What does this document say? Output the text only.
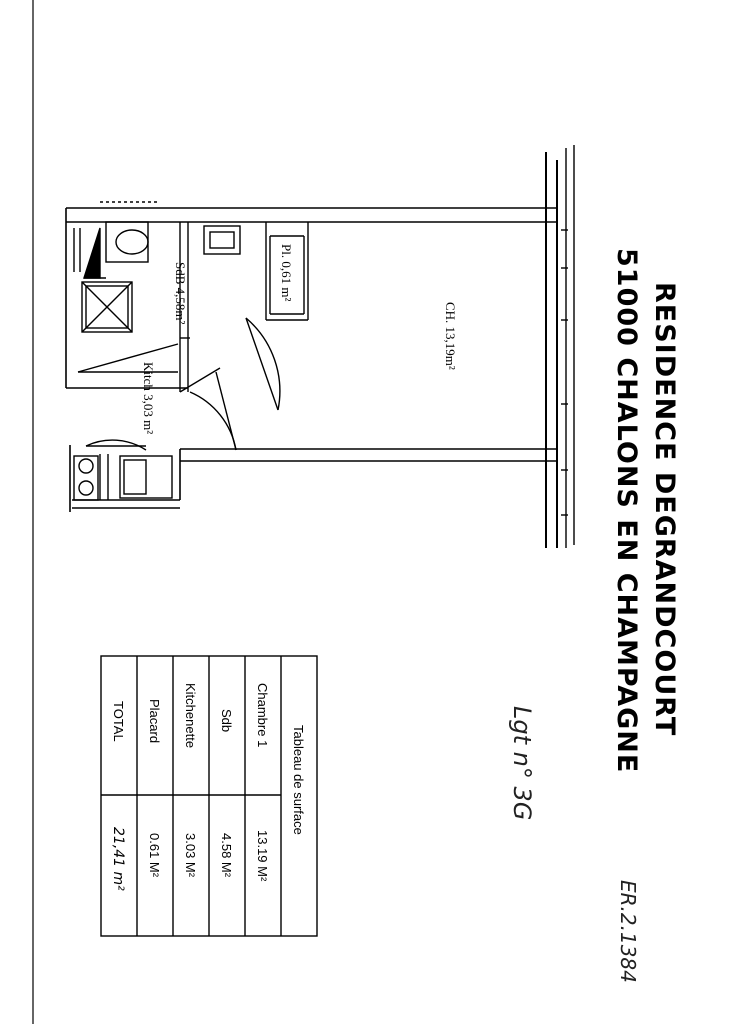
RESIDENCE DEGRANDCOURT
51000 CHALONS EN CHAMPAGNE
Lgt n° 3G
ER.2.1384
CH. 13,19m²
SdB 4,58m²	Pl. 0,61 m²
Kitch 3,03 m²
Tableau de surface
Chambre 1
13.19 M²
Sdb
4.58 M²
Kitchenette
3.03 M²
Placard
0.61 M²
TOTAL
21,41 m²
